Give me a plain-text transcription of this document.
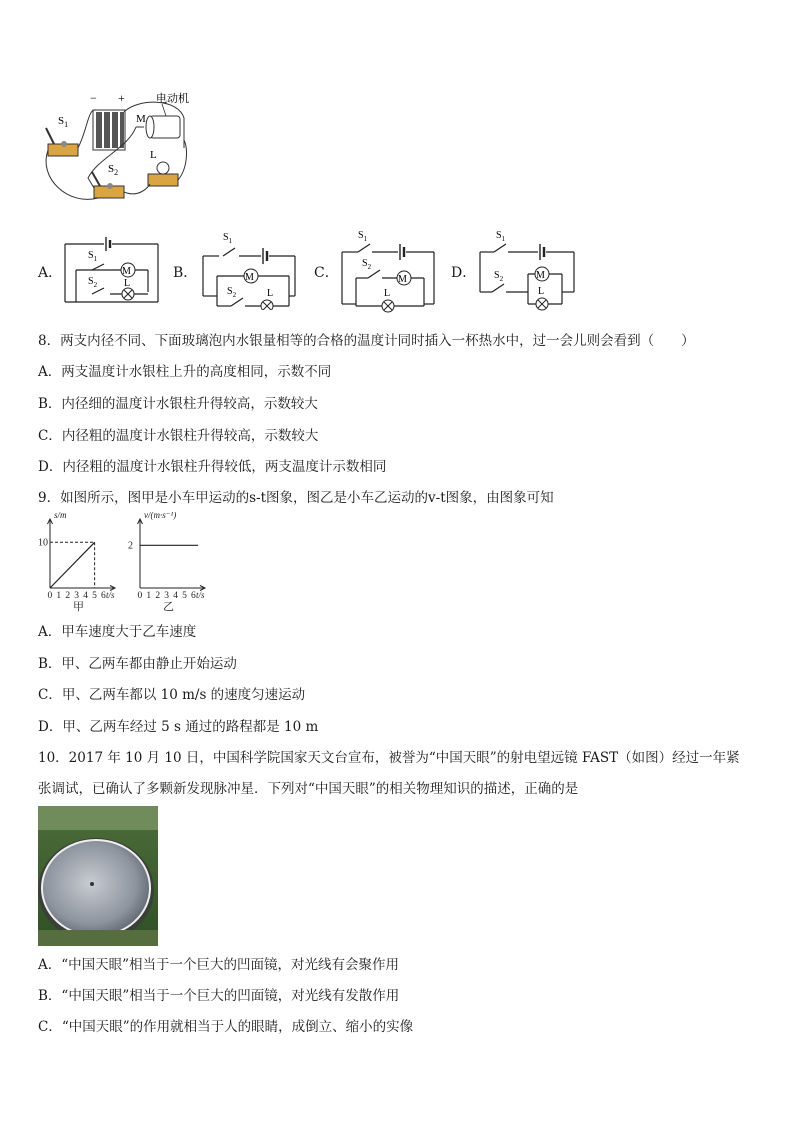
− +	电动机
M
L
$S_1$
$S_2$
A．	M
L
$S_1$
$S_2$
B．	M
L
$S_1$
$S_2$
C．	M
L
$S_1$
$S_2$	D．	M
L
$S_1$
$S_2$
8．两支内径不同、下面玻璃泡内水银量相等的合格的温度计同时插入一杯热水中，过一会儿则会看到（　　）
A．两支温度计水银柱上升的高度相同，示数不同
B．内径细的温度计水银柱升得较高，示数较大
C．内径粗的温度计水银柱升得较高，示数较大
D．内径粗的温度计水银柱升得较低，两支温度计示数相同
9．如图所示，图甲是小车甲运动的s-t图象，图乙是小车乙运动的v-t图象，由图象可知
0 1 2 3 4 5 6
10
s/m
t/s
甲
0 1 2 3 4 5 6
2
v/(m·s⁻¹)
t/s
乙
A．甲车速度大于乙车速度
B．甲、乙两车都由静止开始运动
C．甲、乙两车都以 10 m/s 的速度匀速运动
D．甲、乙两车经过 5 s 通过的路程都是 10 m
10．2017 年 10 月 10 日，中国科学院国家天文台宣布，被誉为“中国天眼”的射电望远镜 FAST（如图）经过一年紧
张调试，已确认了多颗新发现脉冲星．下列对“中国天眼”的相关物理知识的描述，正确的是
A．“中国天眼”相当于一个巨大的凹面镜，对光线有会聚作用
B．“中国天眼”相当于一个巨大的凹面镜，对光线有发散作用
C．“中国天眼”的作用就相当于人的眼睛，成倒立、缩小的实像
